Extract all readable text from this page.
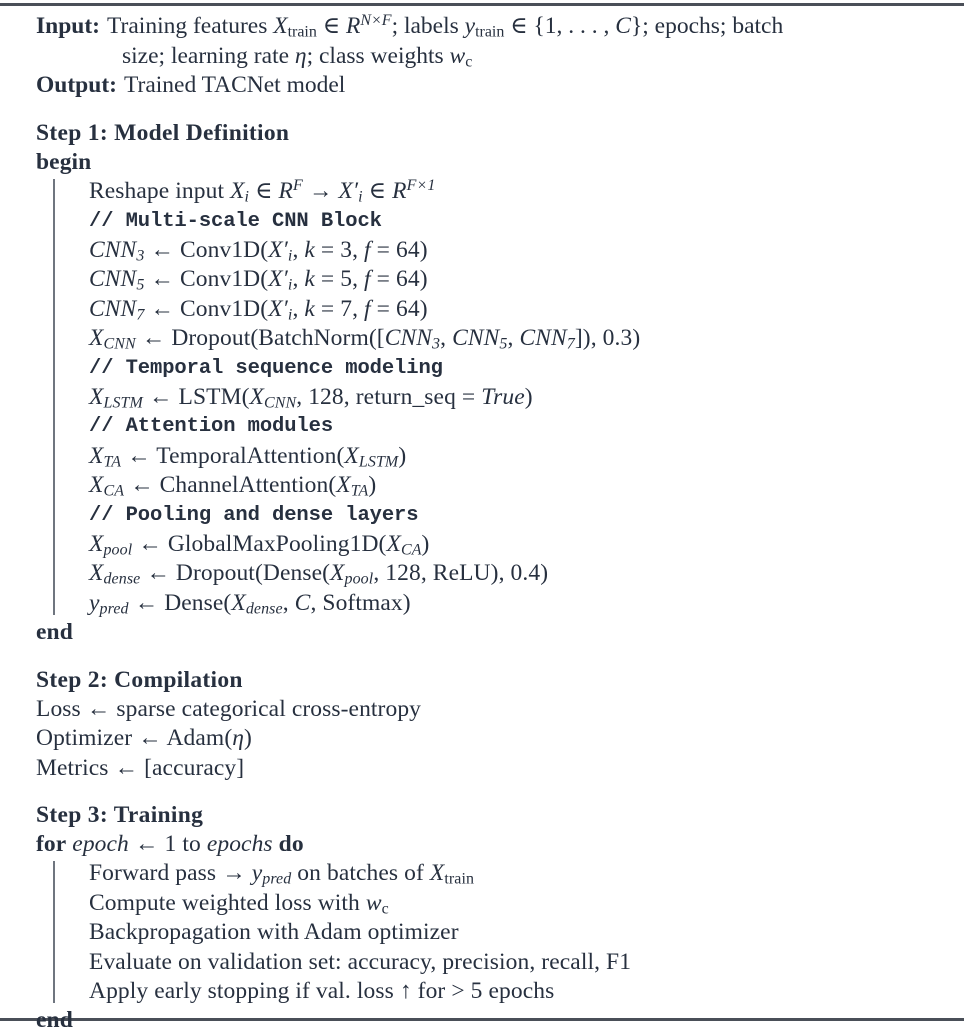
Input: Training features $X_{train}$ ∈ $R^{N\times F}$; labels $y_{train}$ ∈ {1, . . . , C}; epochs; batch
size; learning rate η; class weights $w_c$
Output: Trained TACNet model
Step 1: Model Definition
begin
Reshape input $X_i$ ∈ $R^F \to X'_i$ ∈ $R^{F\times 1}$
// Multi-scale CNN Block
$CNN_3$ ← $Conv1D(X'_i$, k = 3, f = 64)
$CNN_5$ ← $Conv1D(X'_i$, k = 5, f = 64)
$CNN_7$ ← $Conv1D(X'_i$, k = 7, f = 64)
$X_{CNN}$ ← $Dropout(BatchNorm([CNN_3$, $CNN_5$, $CNN_7$]), 0.3)
// Temporal sequence modeling
$X_{LSTM}$ ← $LSTM(X_{CNN}$, 128, return_seq = True)
// Attention modules
$X_{TA}$ ← $TemporalAttention(X_{LSTM})$
$X_{CA}$ ← $ChannelAttention(X_{TA})$
// Pooling and dense layers
$X_{pool}$ ← $GlobalMaxPooling1D(X_{CA})$
$X_{dense}$ ← $Dropout(Dense(X_{pool}$, 128, ReLU), 0.4)
$y_{pred}$ ← $Dense(X_{dense}$, C, Softmax)
end
Step 2: Compilation
Loss ← sparse categorical cross-entropy
Optimizer ← Adam(η)
Metrics ← [accuracy]
Step 3: Training
for epoch ← 1 to epochs do
Forward pass → $y_{pred}$ on batches of $X_{train}$
Compute weighted loss with $w_c$
Backpropagation with Adam optimizer
Evaluate on validation set: accuracy, precision, recall, F1
Apply early stopping if val. loss ↑ for > 5 epochs
end
